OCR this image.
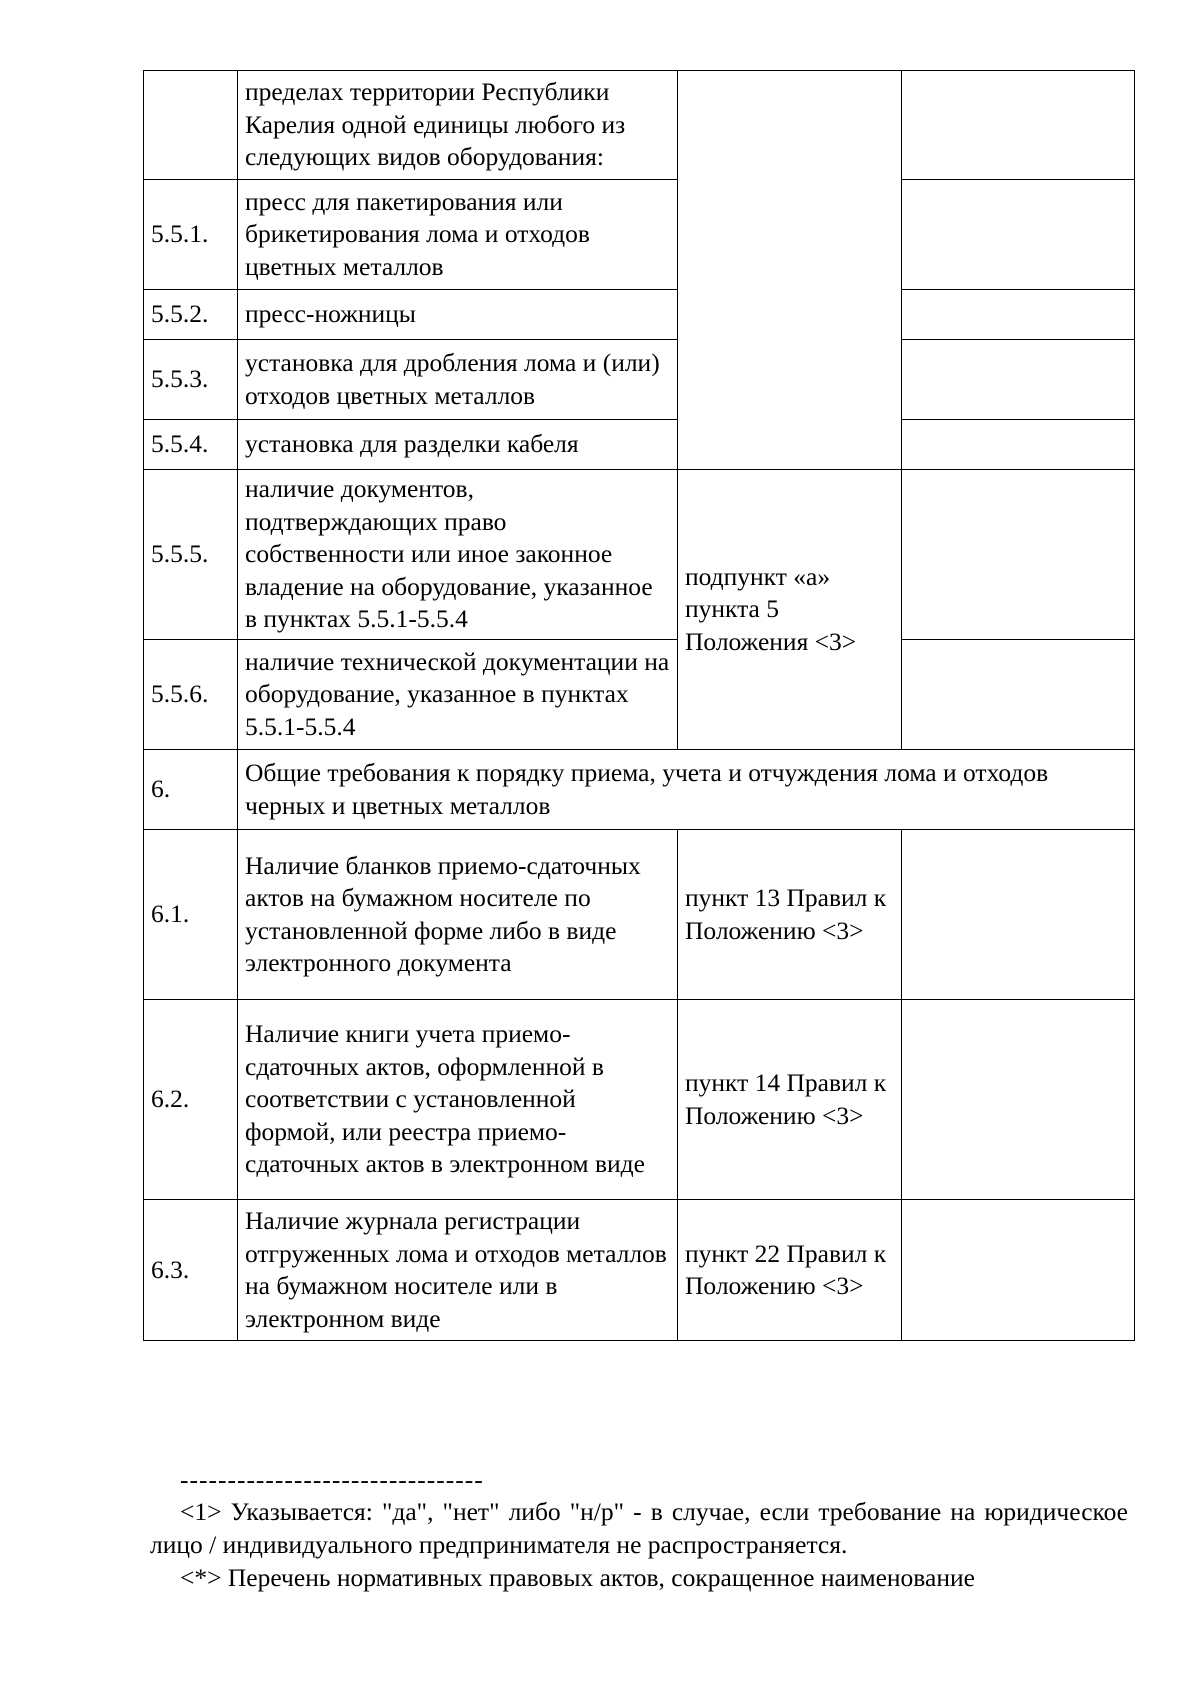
	пределах территории Республики Карелия одной единицы любого из следующих видов оборудования:		
5.5.1.	пресс для пакетирования или брикетирования лома и отходов цветных металлов		
5.5.2.	пресс-ножницы		
5.5.3.	установка для дробления лома и (или) отходов цветных металлов		
5.5.4.	установка для разделки кабеля		
5.5.5.	наличие документов, подтверждающих право собственности или иное законное владение на оборудование, указанное в пунктах 5.5.1-5.5.4	подпункт «а» пункта 5 Положения <3>	
5.5.6.	наличие технической документации на оборудование, указанное в пунктах 5.5.1-5.5.4		
6.	Общие требования к порядку приема, учета и отчуждения лома и отходов черных и цветных металлов		
6.1.	Наличие бланков приемо-сдаточных актов на бумажном носителе по установленной форме либо в виде электронного документа	пункт 13 Правил к Положению <3>	
6.2.	Наличие книги учета приемо-сдаточных актов, оформленной в соответствии с установленной формой, или реестра приемо-сдаточных актов в электронном виде	пункт 14 Правил к Положению <3>	
6.3.	Наличие журнала регистрации отгруженных лома и отходов металлов на бумажном носителе или в электронном виде	пункт 22 Правил к Положению <3>	
--------------------------------
<1> Указывается: "да", "нет" либо "н/р" - в случае, если требование на юридическое лицо / индивидуального предпринимателя не распространяется.
<*> Перечень нормативных правовых актов, сокращенное наименование
